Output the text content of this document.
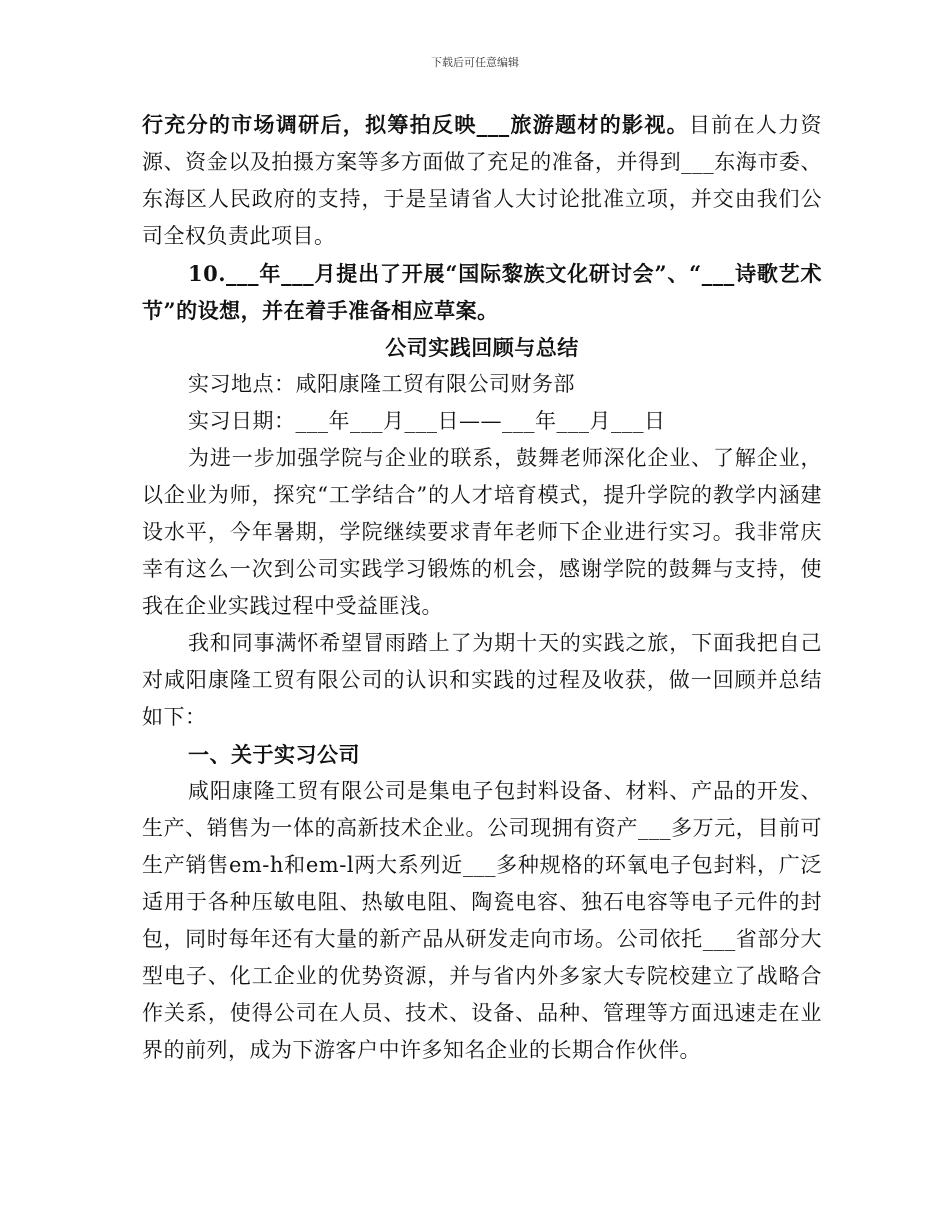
下载后可任意编辑

行充分的市场调研后，拟筹拍反映___旅游题材的影视。目前在人力资源、资金以及拍摄方案等多方面做了充足的准备，并得到___东海市委、东海区人民政府的支持，于是呈请省人大讨论批准立项，并交由我们公司全权负责此项目。

10.___年___月提出了开展“国际黎族文化研讨会”、“___诗歌艺术节”的设想，并在着手准备相应草案。

公司实践回顾与总结

实习地点：咸阳康隆工贸有限公司财务部

实习日期：___年___月___日——___年___月___日

为进一步加强学院与企业的联系，鼓舞老师深化企业、了解企业，以企业为师，探究“工学结合”的人才培育模式，提升学院的教学内涵建设水平，今年暑期，学院继续要求青年老师下企业进行实习。我非常庆幸有这么一次到公司实践学习锻炼的机会，感谢学院的鼓舞与支持，使我在企业实践过程中受益匪浅。

我和同事满怀希望冒雨踏上了为期十天的实践之旅，下面我把自己对咸阳康隆工贸有限公司的认识和实践的过程及收获，做一回顾并总结如下：

一、关于实习公司

咸阳康隆工贸有限公司是集电子包封料设备、材料、产品的开发、生产、销售为一体的高新技术企业。公司现拥有资产___多万元，目前可生产销售em-h和em-l两大系列近___多种规格的环氧电子包封料，广泛适用于各种压敏电阻、热敏电阻、陶瓷电容、独石电容等电子元件的封包，同时每年还有大量的新产品从研发走向市场。公司依托___省部分大型电子、化工企业的优势资源，并与省内外多家大专院校建立了战略合作关系，使得公司在人员、技术、设备、品种、管理等方面迅速走在业界的前列，成为下游客户中许多知名企业的长期合作伙伴。
